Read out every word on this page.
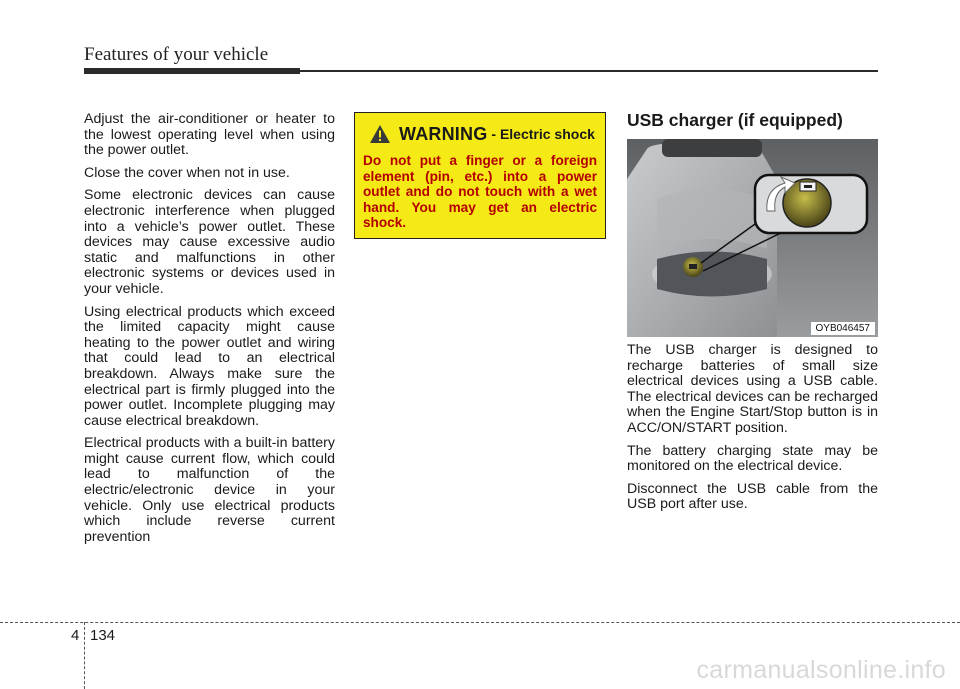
Features of your vehicle

Adjust the air-conditioner or heater to the lowest operating level when using the power outlet.

Close the cover when not in use.

Some electronic devices can cause electronic interference when plugged into a vehicle’s power outlet. These devices may cause excessive audio static and malfunctions in other electronic systems or devices used in your vehicle.

Using electrical products which exceed the limited capacity might cause heating to the power outlet and wiring that could lead to an electrical breakdown. Always make sure the electrical part is firmly plugged into the power outlet. Incomplete plugging may cause electrical breakdown.

Electrical products with a built-in battery might cause current flow, which could lead to malfunction of the electric/electronic device in your vehicle. Only use electrical products which include reverse current prevention

WARNING - Electric shock
Do not put a finger or a foreign element (pin, etc.) into a power outlet and do not touch with a wet hand. You may get an electric shock.
USB charger (if equipped)
OYB046457

The USB charger is designed to recharge batteries of small size electrical devices using a USB cable. The electrical devices can be recharged when the Engine Start/Stop button is in ACC/ON/START position.

The battery charging state may be monitored on the electrical device.

Disconnect the USB cable from the USB port after use.

4 134
carmanualsonline.info
